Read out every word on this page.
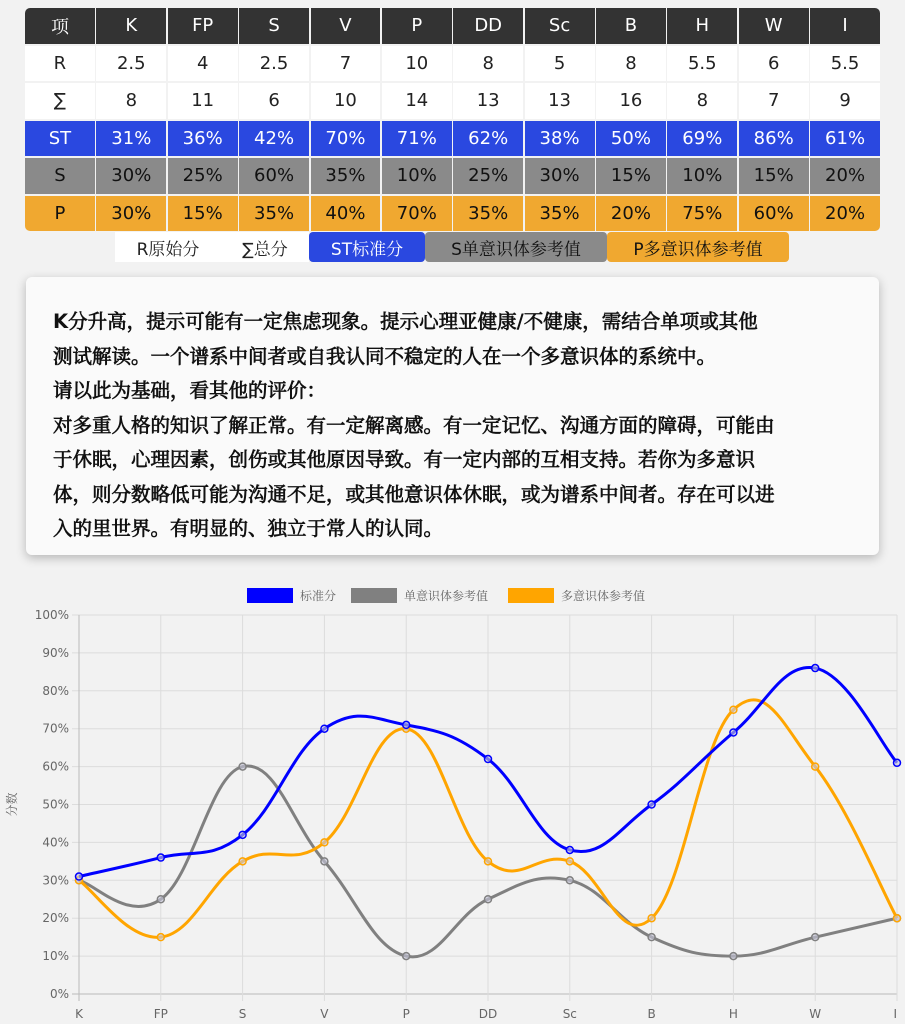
项	K	FP	S	V	P	DD	Sc	B	H	W	I
R	2.5	4	2.5	7	10	8	5	8	5.5	6	5.5
∑	8	11	6	10	14	13	13	16	8	7	9
ST	31%	36%	42%	70%	71%	62%	38%	50%	69%	86%	61%
S	30%	25%	60%	35%	10%	25%	30%	15%	10%	15%	20%
P	30%	15%	35%	40%	70%	35%	35%	20%	75%	60%	20%
R原始分	∑总分	ST标准分	S单意识体参考值	P多意识体参考值
K分升高，提示可能有一定焦虑现象。提示心理亚健康/不健康，需结合单项或其他
测试解读。一个谱系中间者或自我认同不稳定的人在一个多意识体的系统中。
请以此为基础，看其他的评价：
对多重人格的知识了解正常。有一定解离感。有一定记忆、沟通方面的障碍，可能由
于休眠，心理因素，创伤或其他原因导致。有一定内部的互相支持。若你为多意识
体，则分数略低可能为沟通不足，或其他意识体休眠，或为谱系中间者。存在可以进
入的里世界。有明显的、独立于常人的认同。
0%
10%
20%
30%
40%
50%
60%
70%
80%
90%
100%
K	FP	S	V	P	DD	Sc	B	H	W	I
分数
标准分	单意识体参考值	多意识体参考值
